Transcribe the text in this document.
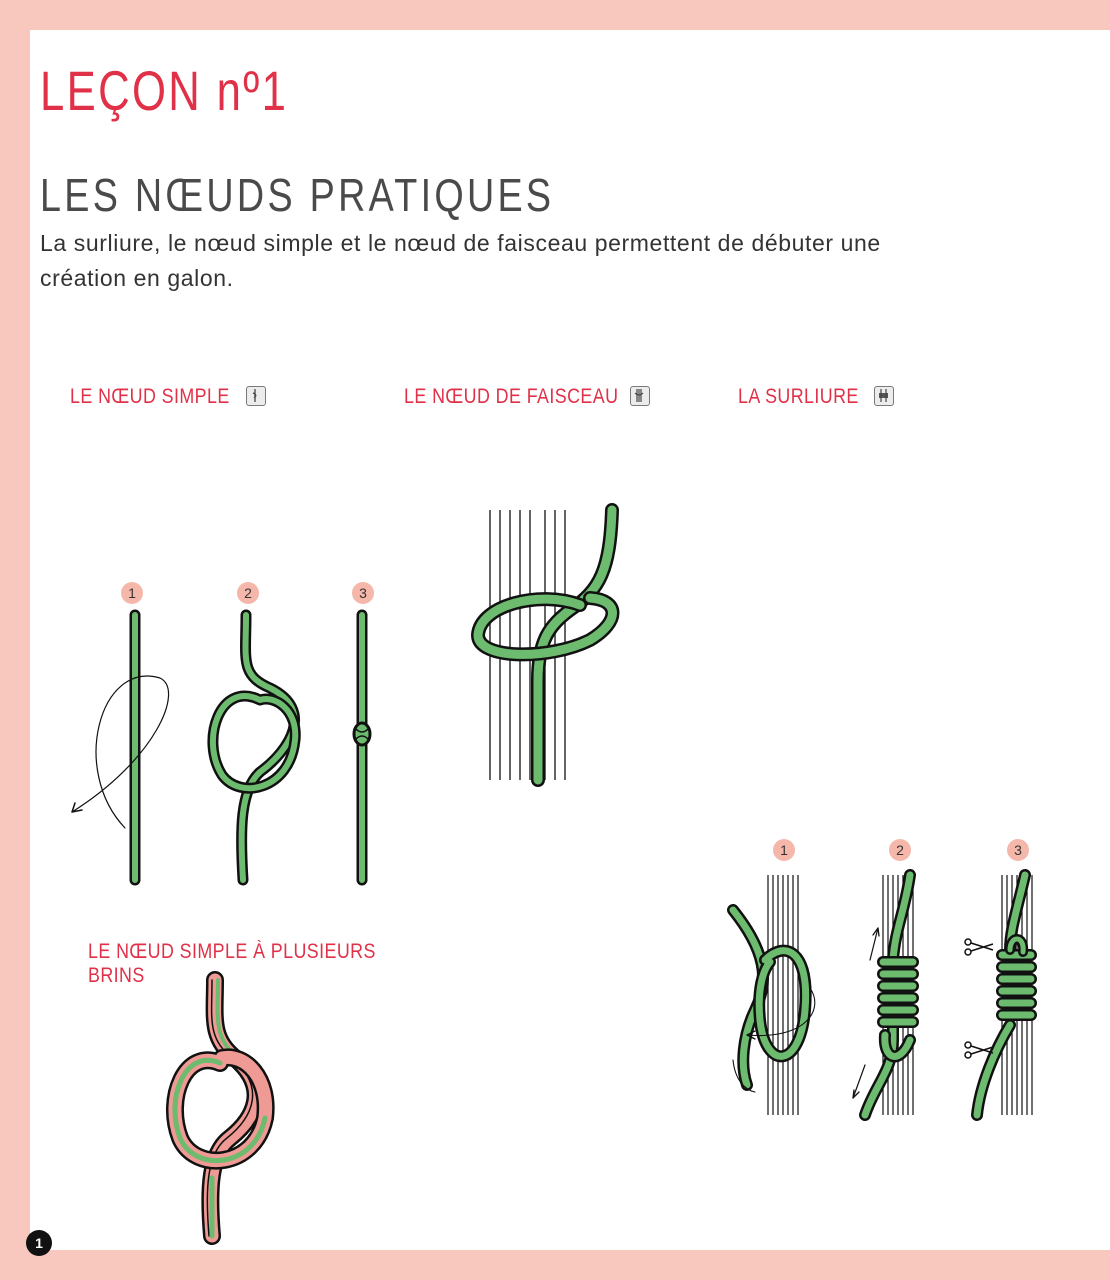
LEÇON nº1
LES NŒUDS PRATIQUES

La surliure, le nœud simple et le nœud de faisceau permettent de débuter une création en galon.

LE NŒUD SIMPLE	LE NŒUD DE FAISCEAU	LA SURLIURE
LE NŒUD SIMPLE À PLUSIEURS BRINS
1	2	3
1	2	3
1
